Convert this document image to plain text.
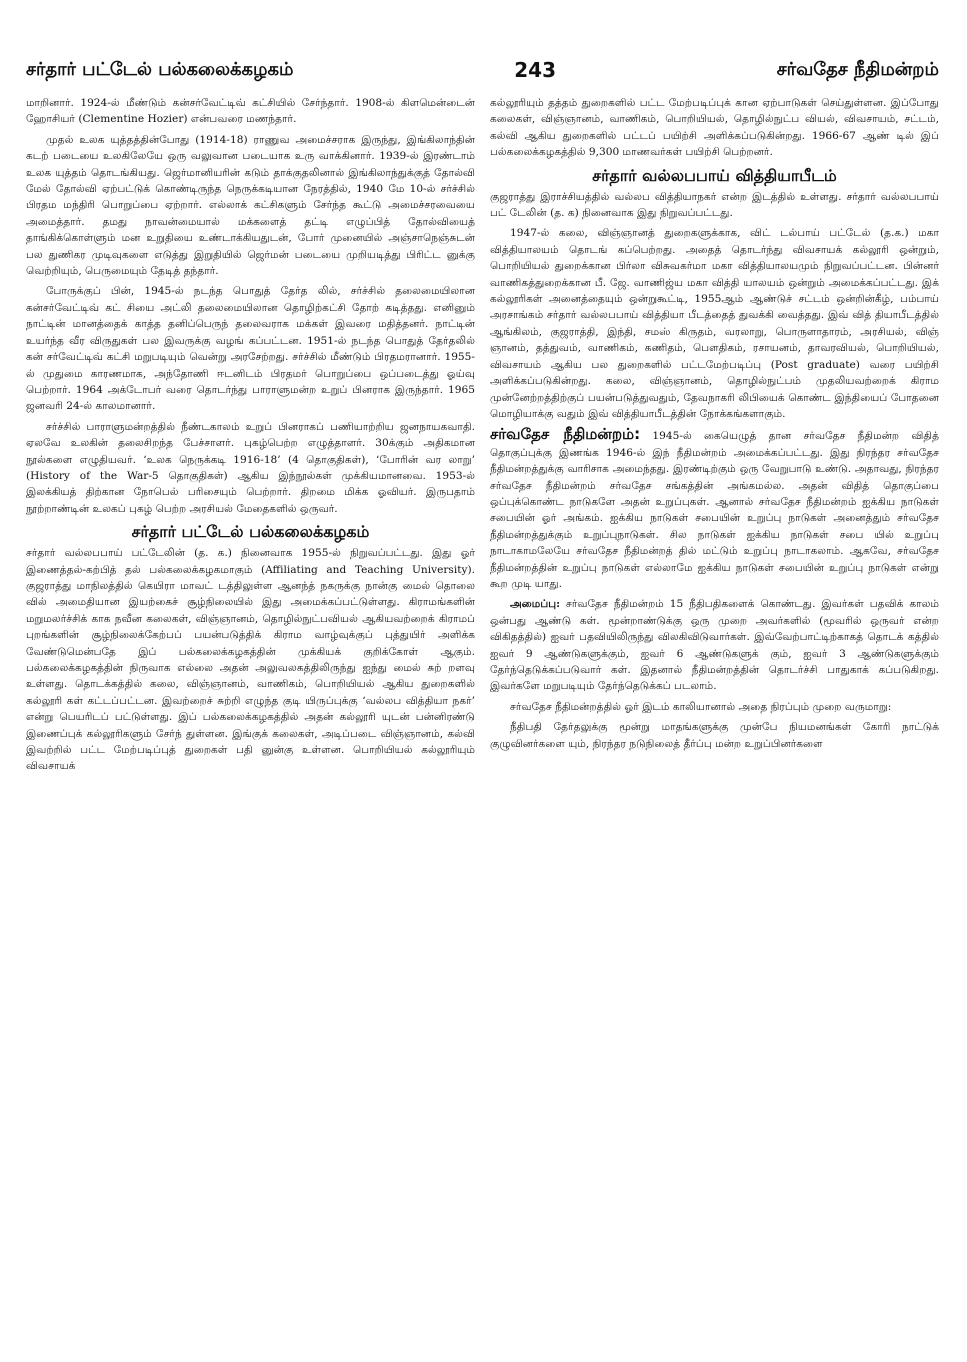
சர்தார் பட்டேல் பல்கலைக்கழகம்	243	சர்வதேச நீதிமன்றம்

மாறினார். 1924-ல் மீண்டும் கன்சர்வேட்டிவ் கட்சியில் சேர்ந்தார். 1908-ல் கிளமென்டைன் ஹோசியர் (Clementine Hozier) என்பவரை மணந்தார்.

முதல் உலக யுத்தத்தின்போது (1914-18) ராணுவ அமைச்சராக இருந்து, இங்கிலாந்தின் கடற் படையை உலகிலேயே ஒரு வலுவான படையாக உரு வாக்கினார். 1939-ல் இரண்டாம் உலக யுத்தம் தொடங்கியது. ஜெர்மானியரின் கடும் தாக்குதலினால் இங்கிலாந்துக்குத் தோல்வி மேல் தோல்வி ஏற்பட்டுக் கொண்டிருந்த நெருக்கடியான நேரத்தில், 1940 மே 10-ல் சர்ச்சில் பிரதம மந்திரி பொறுப்பை ஏற்றார். எல்லாக் கட்சிகளும் சேர்ந்த கூட்டு அமைச்சரவையை அமைத்தார். தமது நாவன்மையால் மக்களைத் தட்டி எழுப்பித் தோல்வியைத் தாங்கிக்கொள்ளும் மன உறுதியை உண்டாக்கியதுடன், போர் முனையில் அஞ்சாநெஞ்சுடன் பல துணிகர முடிவுகளை எடுத்து இறுதியில் ஜெர்மன் படையை முறியடித்து பிரிட்ட னுக்கு வெற்றியும், பெருமையும் தேடித் தந்தார்.

போருக்குப் பின், 1945-ல் நடந்த பொதுத் தேர்த லில், சர்ச்சில் தலைமையிலான கன்சர்வேட்டிவ் கட் சியை அட்லி தலைமையிலான தொழிற்கட்சி தோற் கடித்தது. எனினும் நாட்டின் மானத்தைக் காத்த தனிப்பெருந் தலைவராக மக்கள் இவரை மதித்தனர். நாட்டின் உயர்ந்த வீர விருதுகள் பல இவருக்கு வழங் கப்பட்டன. 1951-ல் நடந்த பொதுத் தேர்தலில் கன் சர்வேட்டிவ் கட்சி மறுபடியும் வென்று அரசேற்றது. சர்ச்சில் மீண்டும் பிரதமரானார். 1955-ல் முதுமை காரணமாக, அந்தோணி ஈடனிடம் பிரதமர் பொறுப்பை ஒப்படைத்து ஓய்வு பெற்றார். 1964 அக்டோபர் வரை தொடர்ந்து பாராளுமன்ற உறுப் பினராக இருந்தார். 1965 ஜனவரி 24-ல் காலமானார்.

சர்ச்சில் பாராளுமன்றத்தில் நீண்டகாலம் உறுப் பினராகப் பணியாற்றிய ஜனநாயகவாதி. ஏலவே உலகின் தலைசிறந்த பேச்சாளர். புகழ்பெற்ற எழுத்தாளர். 30க்கும் அதிகமான நூல்களை எழுதியவர். ‘உலக நெருக்கடி 1916-18’ (4 தொகுதிகள்), ‘போரின் வர லாறு’ (History of the War-5 தொகுதிகள்) ஆகிய இந்நூல்கள் முக்கியமானவை. 1953-ல் இலக்கியத் திற்கான நோபெல் பரிசையும் பெற்றார். திறமை மிக்க ஓவியர். இருபதாம் நூற்றாண்டின் உலகப் புகழ் பெற்ற அரசியல் மேதைகளில் ஒருவர்.

சர்தார் பட்டேல் பல்கலைக்கழகம்

சர்தார் வல்லபபாய் பட்டேலின் (த. க.) நினைவாக 1955-ல் நிறுவப்பட்டது. இது ஓர் இணைத்தல்-கற்பித் தல் பல்கலைக்கழகமாகும் (Affiliating and Teaching University). குஜராத்து மாநிலத்தில் கெயிரா மாவட் டத்திலுள்ள ஆனந்த் நகருக்கு நான்கு மைல் தொலை வில் அமைதியான இயற்கைச் சூழ்நிலையில் இது அமைக்கப்பட்டுள்ளது. கிராமங்களின் மறுமலர்ச்சிக் காக நவீன கலைகள், விஞ்ஞானம், தொழில்நுட்பவியல் ஆகியவற்றைக் கிராமப் புறங்களின் சூழ்நிலைக்கேற்பப் பயன்படுத்திக் கிராம வாழ்வுக்குப் புத்துயிர் அளிக்க வேண்டுமென்பதே இப் பல்கலைக்கழகத்தின் முக்கியக் குறிக்கோள் ஆகும். பல்கலைக்கழகத்தின் நிருவாக எல்லை அதன் அலுவலகத்திலிருந்து ஐந்து மைல் சுற் றளவு உள்ளது. தொடக்கத்தில் கலை, விஞ்ஞானம், வாணிகம், பொறியியல் ஆகிய துறைகளில் கல்லூரி கள் கட்டப்பட்டன. இவற்றைச் சுற்றி எழுந்த குடி யிருப்புக்கு ‘வல்லப வித்தியா நகர்’ என்று பெயரிடப் பட்டுள்ளது. இப் பல்கலைக்கழகத்தில் அதன் கல்லூரி யுடன் பன்னிரண்டு இணைப்புக் கல்லூரிகளும் சேர்ந் துள்ளன. இங்குக் கலைகள், அடிப்படை விஞ்ஞானம், கல்வி இவற்றில் பட்ட மேற்படிப்புத் துறைகள் பதி னுன்கு உள்ளன. பொறியியல் கல்லூரியும் விவசாயக்

கல்லூரியும் தத்தம் துறைகளில் பட்ட மேற்படிப்புக் கான ஏற்பாடுகள் செய்துள்ளன. இப்போது கலைகள், விஞ்ஞானம், வாணிகம், பொறியியல், தொழில்நுட்ப வியல், விவசாயம், சட்டம், கல்வி ஆகிய துறைகளில் பட்டப் பயிற்சி அளிக்கப்படுகின்றது. 1966-67 ஆண் டில் இப் பல்கலைக்கழகத்தில் 9,300 மாணவர்கள் பயிற்சி பெற்றனர்.

சர்தார் வல்லபபாய் வித்தியாபீடம்

குஜராத்து இராச்சியத்தில் வல்லப வித்தியாநகர் என்ற இடத்தில் உள்ளது. சர்தார் வல்லபபாய் பட் டேலின் (த. க) நினைவாக இது நிறுவப்பட்டது.

1947-ல் கலை, விஞ்ஞானத் துறைகளுக்காக, விட் டல்பாய் பட்டேல் (த.க.) மகா வித்தியாலயம் தொடங் கப்பெற்றது. அதைத் தொடர்ந்து விவசாயக் கல்லூரி ஒன்றும், பொறியியல் துறைக்கான பிர்லா விசுவகர்மா மகா வித்தியாலயமும் நிறுவப்பட்டன. பின்னர் வாணிகத்துறைக்கான பீ. ஜே. வாணிஜ்ய மகா வித்தி யாலயம் ஒன்றும் அமைக்கப்பட்டது. இக் கல்லூரிகள் அனைத்தையும் ஒன்றுகூட்டி, 1955ஆம் ஆண்டுச் சட்டம் ஒன்றின்கீழ், பம்பாய் அரசாங்கம் சர்தார் வல்லபபாய் வித்தியா பீடத்தைத் துவக்கி வைத்தது. இவ் வித் தியாபீடத்தில் ஆங்கிலம், குஜராத்தி, இந்தி, சமஸ் கிருதம், வரலாறு, பொருளாதாரம், அரசியல், விஞ் ஞானம், தத்துவம், வாணிகம், கணிதம், பௌதிகம், ரசாயனம், தாவரவியல், பொறியியல், விவசாயம் ஆகிய பல துறைகளில் பட்டமேற்படிப்பு (Post graduate) வரை பயிற்சி அளிக்கப்படுகின்றது. கலை, விஞ்ஞானம், தொழில்நுட்பம் முதலியவற்றைக் கிராம முன்னேற்றத்திற்குப் பயன்படுத்துவதும், தேவநாகரி லிபியைக் கொண்ட இந்தியைப் போதனை மொழியாக்கு வதும் இவ் வித்தியாபீடத்தின் நோக்கங்களாகும்.

சர்வதேச நீதிமன்றம்: 1945-ல் கையெழுத் தான சர்வதேச நீதிமன்ற விதித் தொகுப்புக்கு இணங்க 1946-ல் இந் நீதிமன்றம் அமைக்கப்பட்டது. இது நிரந்தர சர்வதேச நீதிமன்றத்துக்கு வாரிசாக அமைந்தது. இரண்டிற்கும் ஒரு வேறுபாடு உண்டு. அதாவது, நிரந்தர சர்வதேச நீதிமன்றம் சர்வதேச சங்கத்தின் அங்கமல்ல. அதன் விதித் தொகுப்பை ஒப்புக்கொண்ட நாடுகளே அதன் உறுப்புகள். ஆனால் சர்வதேச நீதிமன்றம் ஐக்கிய நாடுகள் சபையின் ஓர் அங்கம். ஐக்கிய நாடுகள் சபையின் உறுப்பு நாடுகள் அனைத்தும் சர்வதேச நீதிமன்றத்துக்கும் உறுப்புநாடுகள். சில நாடுகள் ஐக்கிய நாடுகள் சபை யில் உறுப்பு நாடாகாமலேயே சர்வதேச நீதிமன்றத் தில் மட்டும் உறுப்பு நாடாகலாம். ஆகவே, சர்வதேச நீதிமன்றத்தின் உறுப்பு நாடுகள் எல்லாமே ஐக்கிய நாடுகள் சபையின் உறுப்பு நாடுகள் என்று கூற முடி யாது.

அமைப்பு: சர்வதேச நீதிமன்றம் 15 நீதிபதிகளைக் கொண்டது. இவர்கள் பதவிக் காலம் ஒன்பது ஆண்டு கள். மூன்றாண்டுக்கு ஒரு முறை அவர்களில் (மூவரில் ஒருவர் என்ற விகிதத்தில்) ஐவர் பதவியிலிருந்து விலகிவிடுவார்கள். இவ்வேற்பாட்டிற்காகத் தொடக் கத்தில் ஐவர் 9 ஆண்டுகளுக்கும், ஐவர் 6 ஆண்டுகளுக் கும், ஐவர் 3 ஆண்டுகளுக்கும் தேர்ந்தெடுக்கப்படுவார் கள். இதனால் நீதிமன்றத்தின் தொடர்ச்சி பாதுகாக் கப்படுகிறது. இவர்களே மறுபடியும் தேர்ந்தெடுக்கப் படலாம்.

சர்வதேச நீதிமன்றத்தில் ஓர் இடம் காலியானால் அதை நிரப்பும் முறை வருமாறு:

நீதிபதி தேர்தலுக்கு மூன்று மாதங்களுக்கு முன்பே நியமனங்கள் கோரி நாட்டுக் குழுவினர்களை யும், நிரந்தர நடுநிலைத் தீர்ப்பு மன்ற உறுப்பினர்களை
